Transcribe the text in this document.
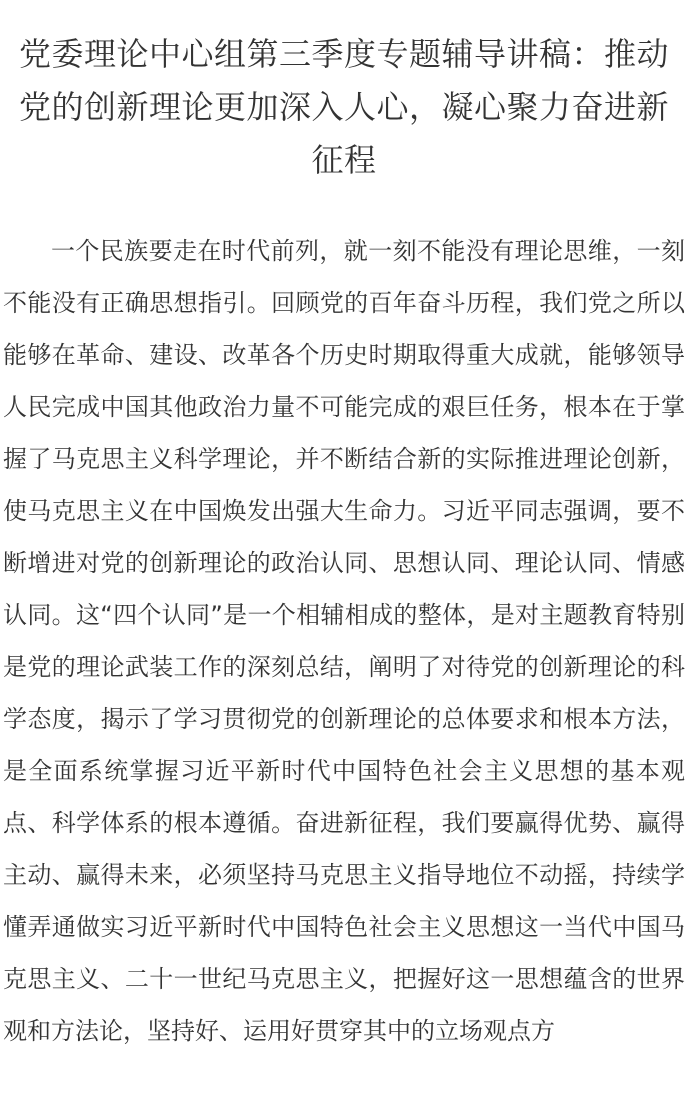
党委理论中心组第三季度专题辅导讲稿：推动党的创新理论更加深入人心，凝心聚力奋进新征程

一个民族要走在时代前列，就一刻不能没有理论思维，一刻不能没有正确思想指引。回顾党的百年奋斗历程，我们党之所以能够在革命、建设、改革各个历史时期取得重大成就，能够领导人民完成中国其他政治力量不可能完成的艰巨任务，根本在于掌握了马克思主义科学理论，并不断结合新的实际推进理论创新，使马克思主义在中国焕发出强大生命力。习近平同志强调，要不断增进对党的创新理论的政治认同、思想认同、理论认同、情感认同。这“四个认同”是一个相辅相成的整体，是对主题教育特别是党的理论武装工作的深刻总结，阐明了对待党的创新理论的科学态度，揭示了学习贯彻党的创新理论的总体要求和根本方法，是全面系统掌握习近平新时代中国特色社会主义思想的基本观点、科学体系的根本遵循。奋进新征程，我们要赢得优势、赢得主动、赢得未来，必须坚持马克思主义指导地位不动摇，持续学懂弄通做实习近平新时代中国特色社会主义思想这一当代中国马克思主义、二十一世纪马克思主义，把握好这一思想蕴含的世界观和方法论，坚持好、运用好贯穿其中的立场观点方
